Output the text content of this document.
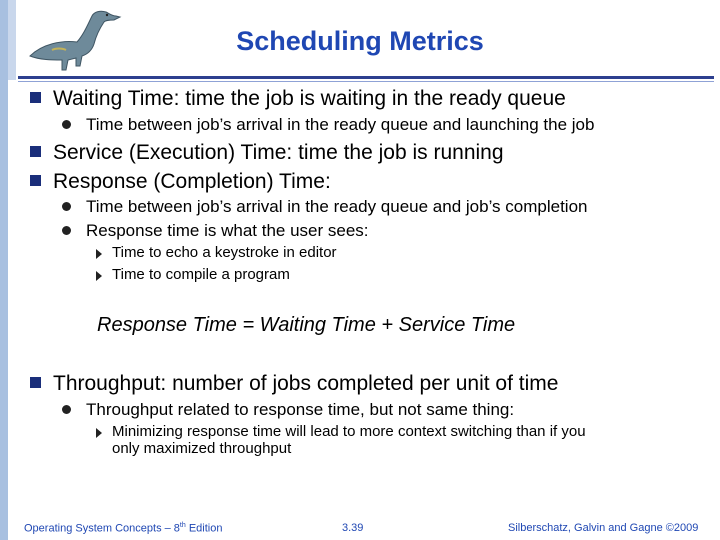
Scheduling Metrics
Waiting Time: time the job is waiting in the ready queue
Time between job’s arrival in the ready queue and launching the job
Service (Execution) Time: time the job is running
Response (Completion) Time:
Time between job’s arrival in the ready queue and job’s completion
Response time is what the user sees:
Time to echo a keystroke in editor
Time to compile a program
Response Time = Waiting Time + Service Time
Throughput: number of jobs completed per unit of time
Throughput related to response time, but not same thing:
Minimizing response time will lead to more context switching than if you
only maximized throughput
Operating System Concepts – 8th Edition	3.39	Silberschatz, Galvin and Gagne ©2009
